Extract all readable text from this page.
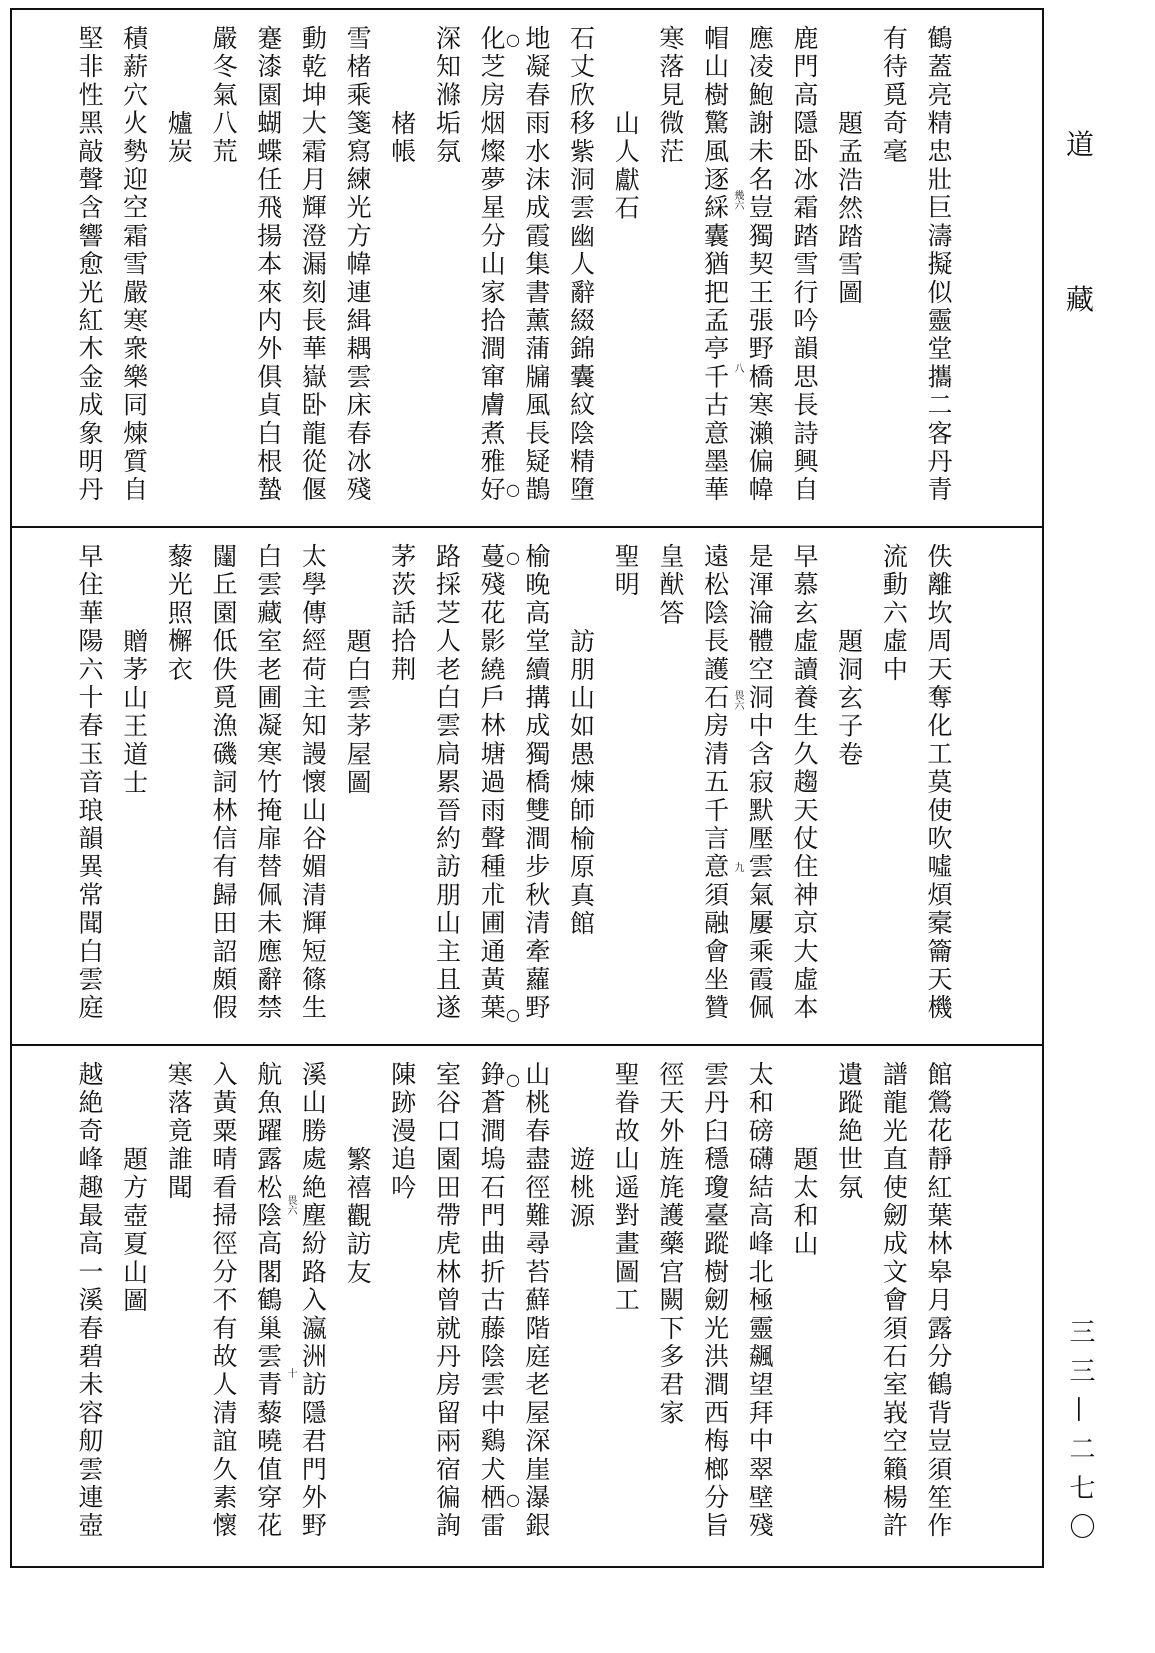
鶴蓋亮精忠壯巨濤擬似靈堂攜二客丹青
有待覓奇毫
題孟浩然踏雪圖
鹿門高隱卧冰霜踏雪行吟韻思長詩興自
應凌鮑謝未名豈獨契王張野橋寒瀨偏幃
帽山樹驚風逐綵囊猶把孟亭千古意墨華
寒落見微茫
山人獻石
石丈欣移紫洞雲幽人辭綴錦囊紋陰精墮
地凝春雨水沫成霞集書薰蒲牖風長疑鵲
化芝房烟燦夢星分山家拾澗窜膚煮雅好
深知滌垢氛
楮帳
雪楮乘箋寫練光方幃連緝耦雲床春冰殘
動乾坤大霜月輝澄漏刻長華嶽卧龍從偃
蹇漆園蝴蝶任飛揚本來内外俱貞白根蟄
嚴冬氣八荒
爐炭
積薪穴火勢迎空霜雪嚴寒衆樂同煉質自
堅非性黑敲聲含響愈光紅木金成象明丹
佚離坎周天奪化工莫使吹噓煩槖籥天機
流動六虛中
題洞玄子卷
早慕玄虛讀養生久趨天仗住神京大虛本
是渾淪體空洞中含寂默壓雲氣屢乘霞佩
遠松陰長護石房清五千言意須融會坐贊
皇猷答
聖明
訪朋山如愚煉師榆原真館
榆晚高堂續搆成獨橋雙澗步秋清牽蘿野
蔓殘花影繞戶林塘過雨聲種朮圃通黃葉
路採芝人老白雲扃累晉約訪朋山主且遂
茅茨話拾荆
題白雲茅屋圖
太學傳經荷主知謾懷山谷媚清輝短篠生
白雲藏室老圃凝寒竹掩扉替佩未應辭禁
闥丘園低佚覓漁磯詞林信有歸田詔頗假
藜光照檞衣
贈茅山王道士
早住華陽六十春玉音琅韻異常聞白雲庭
館鶯花靜紅葉林皋月露分鶴背豈須笙作
譜龍光直使劒成文會須石室峩空籟楊許
遺蹤絶世氛
題太和山
太和磅礴結高峰北極靈飆望拜中翠壁殘
雲丹臼穩瓊臺蹤樹劒光洪澗西梅榔分旨
徑天外旌旄護藥宫闕下多君家
聖眷故山遥對畫圖工
遊桃源
山桃春盡徑難尋苔蘚階庭老屋深崖瀑銀
錚蒼澗塢石門曲折古藤陰雲中鷄犬栖雷
室谷口園田帶虎林曾就丹房留兩宿徧詢
陳跡漫追吟
繁禧觀訪友
溪山勝處絶塵紛路入瀛洲訪隱君門外野
航魚躍露松陰高閣鶴巢雲青藜曉值穿花
入黃粟晴看掃徑分不有故人清誼久素懷
寒落竟誰聞
題方壺夏山圖
越絶奇峰趣最高一溪春碧未容舠雲連壺
○
○
○
○
○
○
幾六
八
畏六
九
畏六
十
道
藏
三三—二七〇
